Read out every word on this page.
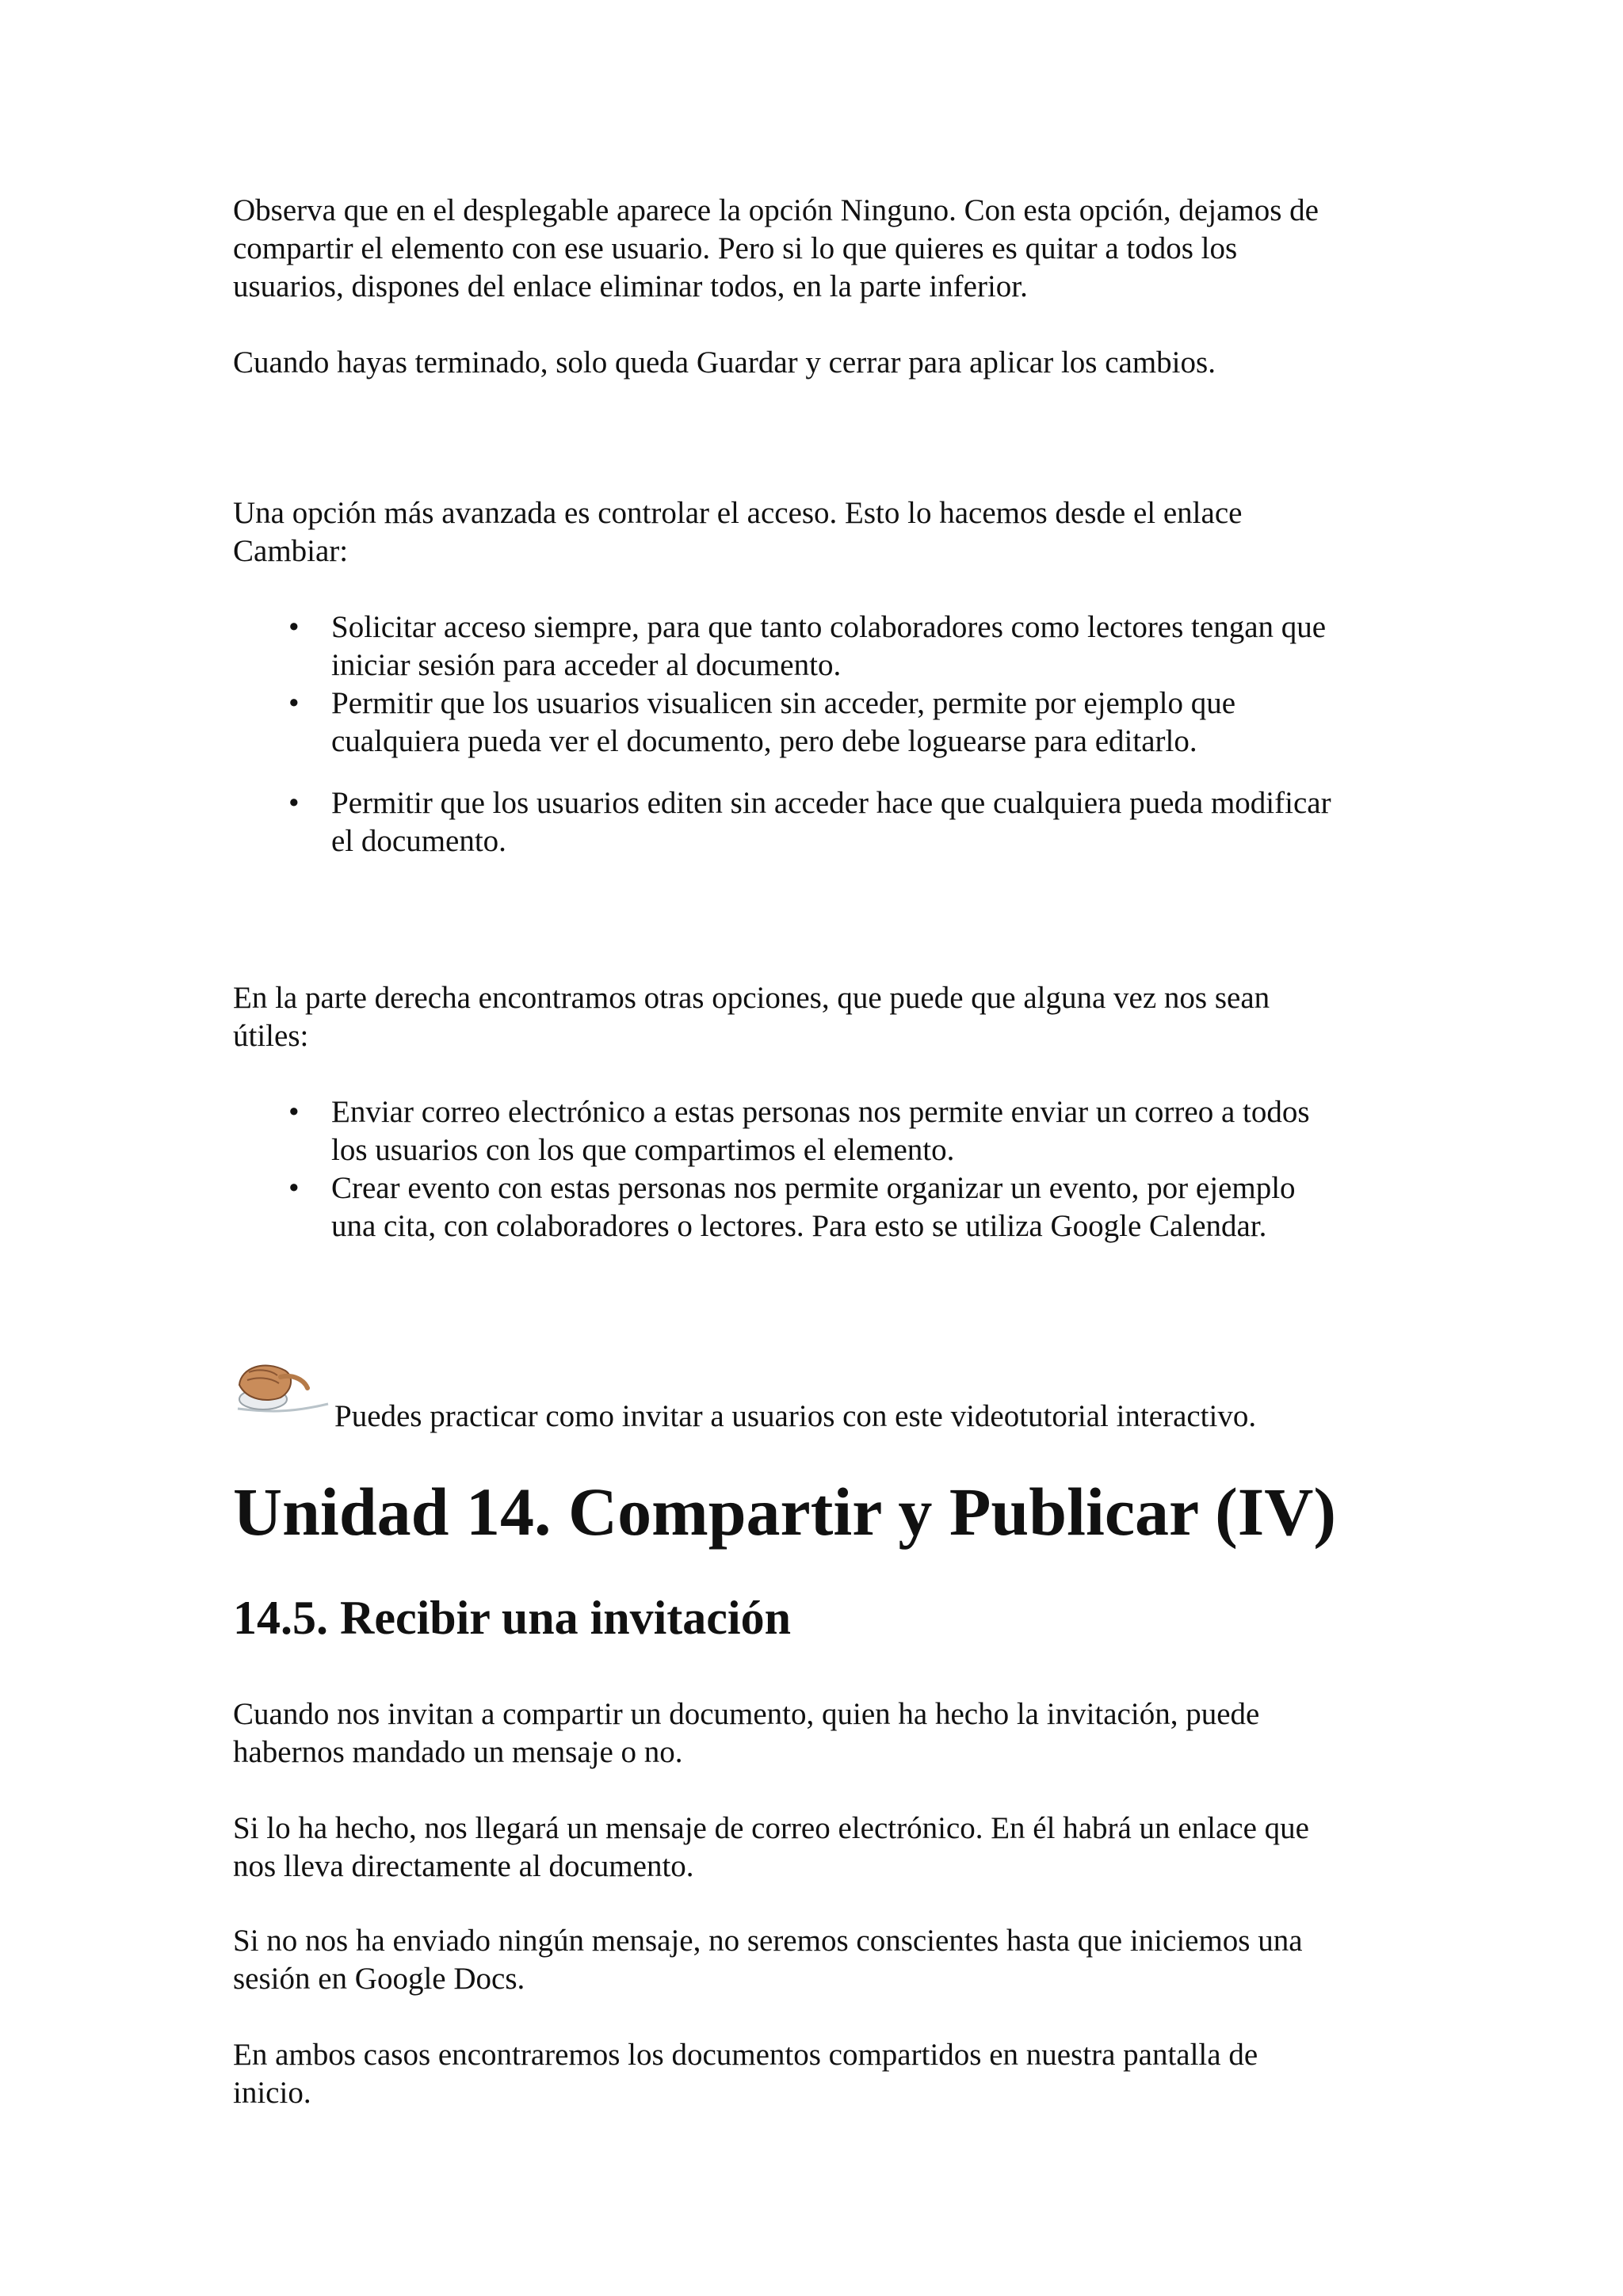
Observa que en el desplegable aparece la opción Ninguno. Con esta opción, dejamos de
compartir el elemento con ese usuario. Pero si lo que quieres es quitar a todos los
usuarios, dispones del enlace eliminar todos, en la parte inferior.

Cuando hayas terminado, solo queda Guardar y cerrar para aplicar los cambios.

Una opción más avanzada es controlar el acceso. Esto lo hacemos desde el enlace
Cambiar:

• Solicitar acceso siempre, para que tanto colaboradores como lectores tengan que
iniciar sesión para acceder al documento.
• Permitir que los usuarios visualicen sin acceder, permite por ejemplo que
cualquiera pueda ver el documento, pero debe loguearse para editarlo.
• Permitir que los usuarios editen sin acceder hace que cualquiera pueda modificar
el documento.

En la parte derecha encontramos otras opciones, que puede que alguna vez nos sean
útiles:

• Enviar correo electrónico a estas personas nos permite enviar un correo a todos
los usuarios con los que compartimos el elemento.
• Crear evento con estas personas nos permite organizar un evento, por ejemplo
una cita, con colaboradores o lectores. Para esto se utiliza Google Calendar.

Puedes practicar como invitar a usuarios con este videotutorial interactivo.

Unidad 14. Compartir y Publicar (IV)
14.5. Recibir una invitación

Cuando nos invitan a compartir un documento, quien ha hecho la invitación, puede
habernos mandado un mensaje o no.

Si lo ha hecho, nos llegará un mensaje de correo electrónico. En él habrá un enlace que
nos lleva directamente al documento.

Si no nos ha enviado ningún mensaje, no seremos conscientes hasta que iniciemos una
sesión en Google Docs.

En ambos casos encontraremos los documentos compartidos en nuestra pantalla de
inicio.
